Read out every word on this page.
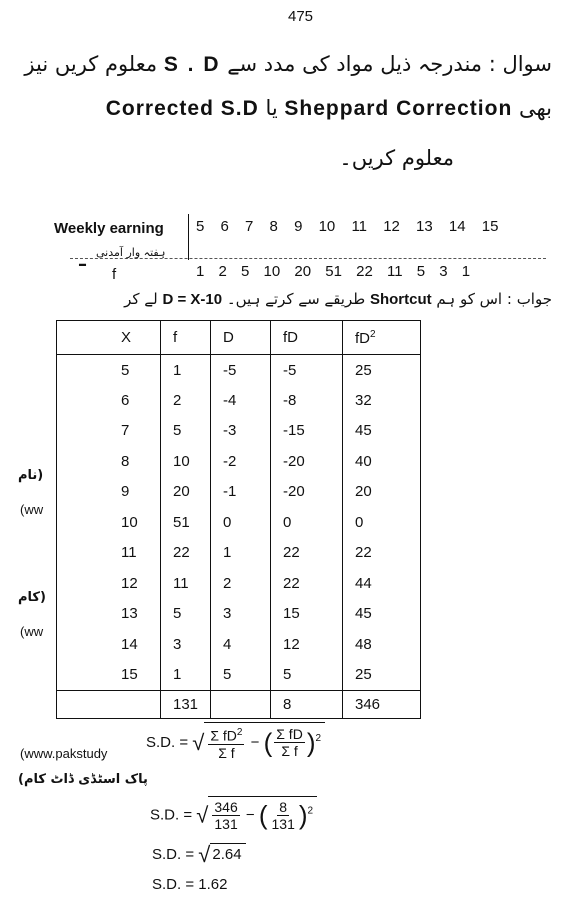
475
سوال : مندرجہ ذیل مواد کی مدد سے S . D معلوم کریں نیز
بھی Sheppard Correction یا Corrected S.D
معلوم کریں۔
Weekly earning 5 6 7 8 9 10 11 12 13 14 15
ہفتہ وار آمدنی
– f	1 2 5 10 20 51 22 11 5 3 1
جواب : اس کو ہم Shortcut طریقے سے کرتے ہیں۔ D = X-10 لے کر
X	f	D	fD	$fD^2$
5	1	-5	-5	25
6	2	-4	-8	32
7	5	-3	-15	45
8	10	-2	-20	40
9	20	-1	-20	20
10	51	0	0	0
11	22	1	22	22
12	11	2	22	44
13	5	3	15	45
14	3	4	12	48
15	1	5	5	25
	131		8	346
نام)
(ww
کام)
(ww
(www.pakstudy
(پاک اسٹڈی ڈاٹ کام
S.D. = √ $\frac{\Sigma fD^2}{\text{Σ f}}$ − ( $\frac{\text{Σ fD}}{\text{Σ f}} )^2$
S.D. = √ $\frac{346}{131}$ − ( $\frac{8}{131} )^2$
S.D. = √ 2.64
S.D. = 1.62
